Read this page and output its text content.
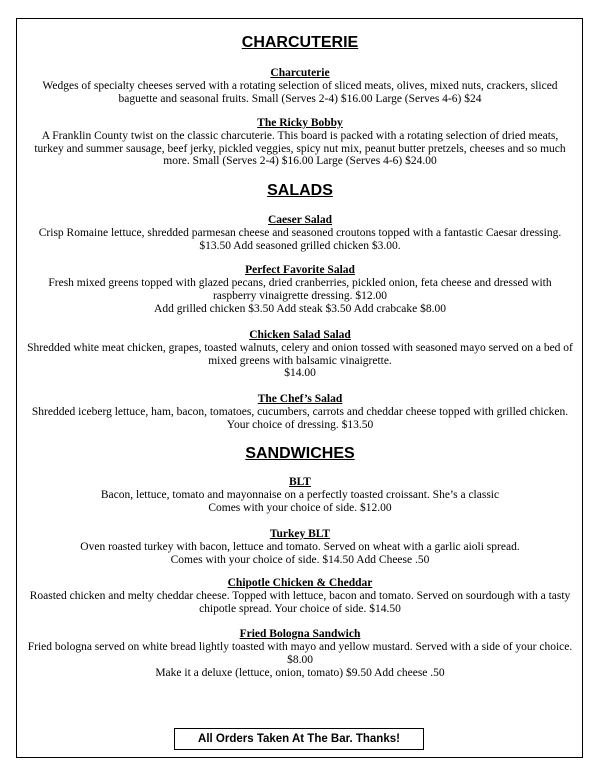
CHARCUTERIE
Charcuterie
Wedges of specialty cheeses served with a rotating selection of sliced meats, olives, mixed nuts, crackers, sliced baguette and seasonal fruits. Small (Serves 2-4) $16.00 Large (Serves 4-6) $24
The Ricky Bobby
A Franklin County twist on the classic charcuterie. This board is packed with a rotating selection of dried meats, turkey and summer sausage, beef jerky, pickled veggies, spicy nut mix, peanut butter pretzels, cheeses and so much more. Small (Serves 2-4) $16.00 Large (Serves 4-6) $24.00
SALADS
Caeser Salad
Crisp Romaine lettuce, shredded parmesan cheese and seasoned croutons topped with a fantastic Caesar dressing. $13.50 Add seasoned grilled chicken $3.00.
Perfect Favorite Salad
Fresh mixed greens topped with glazed pecans, dried cranberries, pickled onion, feta cheese and dressed with raspberry vinaigrette dressing. $12.00
Add grilled chicken $3.50 Add steak $3.50 Add crabcake $8.00
Chicken Salad Salad
Shredded white meat chicken, grapes, toasted walnuts, celery and onion tossed with seasoned mayo served on a bed of mixed greens with balsamic vinaigrette.
$14.00
The Chef’s Salad
Shredded iceberg lettuce, ham, bacon, tomatoes, cucumbers, carrots and cheddar cheese topped with grilled chicken. Your choice of dressing. $13.50
SANDWICHES
BLT
Bacon, lettuce, tomato and mayonnaise on a perfectly toasted croissant. She’s a classic
Comes with your choice of side. $12.00
Turkey BLT
Oven roasted turkey with bacon, lettuce and tomato. Served on wheat with a garlic aioli spread.
Comes with your choice of side. $14.50 Add Cheese .50
Chipotle Chicken & Cheddar
Roasted chicken and melty cheddar cheese. Topped with lettuce, bacon and tomato. Served on sourdough with a tasty chipotle spread. Your choice of side. $14.50
Fried Bologna Sandwich
Fried bologna served on white bread lightly toasted with mayo and yellow mustard. Served with a side of your choice. $8.00
Make it a deluxe (lettuce, onion, tomato) $9.50 Add cheese .50
All Orders Taken At The Bar. Thanks!
